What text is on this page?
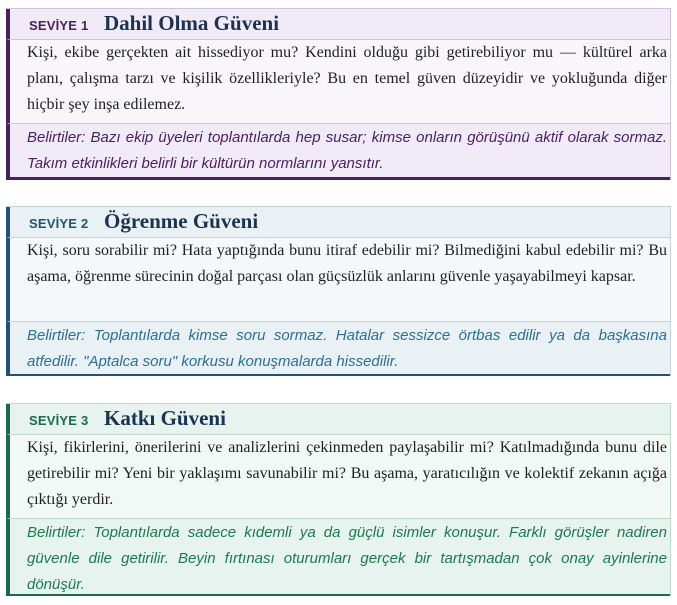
SEVİYE 1 Dahil Olma Güveni
Kişi, ekibe gerçekten ait hissediyor mu? Kendini olduğu gibi getirebiliyor mu — kültürel arka planı, çalışma tarzı ve kişilik özellikleriyle? Bu en temel güven düzeyidir ve yokluğunda diğer hiçbir şey inşa edilemez.
Belirtiler: Bazı ekip üyeleri toplantılarda hep susar; kimse onların görüşünü aktif olarak sormaz. Takım etkinlikleri belirli bir kültürün normlarını yansıtır.
SEVİYE 2 Öğrenme Güveni
Kişi, soru sorabilir mi? Hata yaptığında bunu itiraf edebilir mi? Bilmediğini kabul edebilir mi? Bu aşama, öğrenme sürecinin doğal parçası olan güçsüzlük anlarını güvenle yaşayabilmeyi kapsar.
Belirtiler: Toplantılarda kimse soru sormaz. Hatalar sessizce örtbas edilir ya da başkasına atfedilir. "Aptalca soru" korkusu konuşmalarda hissedilir.
SEVİYE 3 Katkı Güveni
Kişi, fikirlerini, önerilerini ve analizlerini çekinmeden paylaşabilir mi? Katılmadığında bunu dile getirebilir mi? Yeni bir yaklaşımı savunabilir mi? Bu aşama, yaratıcılığın ve kolektif zekanın açığa çıktığı yerdir.
Belirtiler: Toplantılarda sadece kıdemli ya da güçlü isimler konuşur. Farklı görüşler nadiren güvenle dile getirilir. Beyin fırtınası oturumları gerçek bir tartışmadan çok onay ayinlerine dönüşür.
